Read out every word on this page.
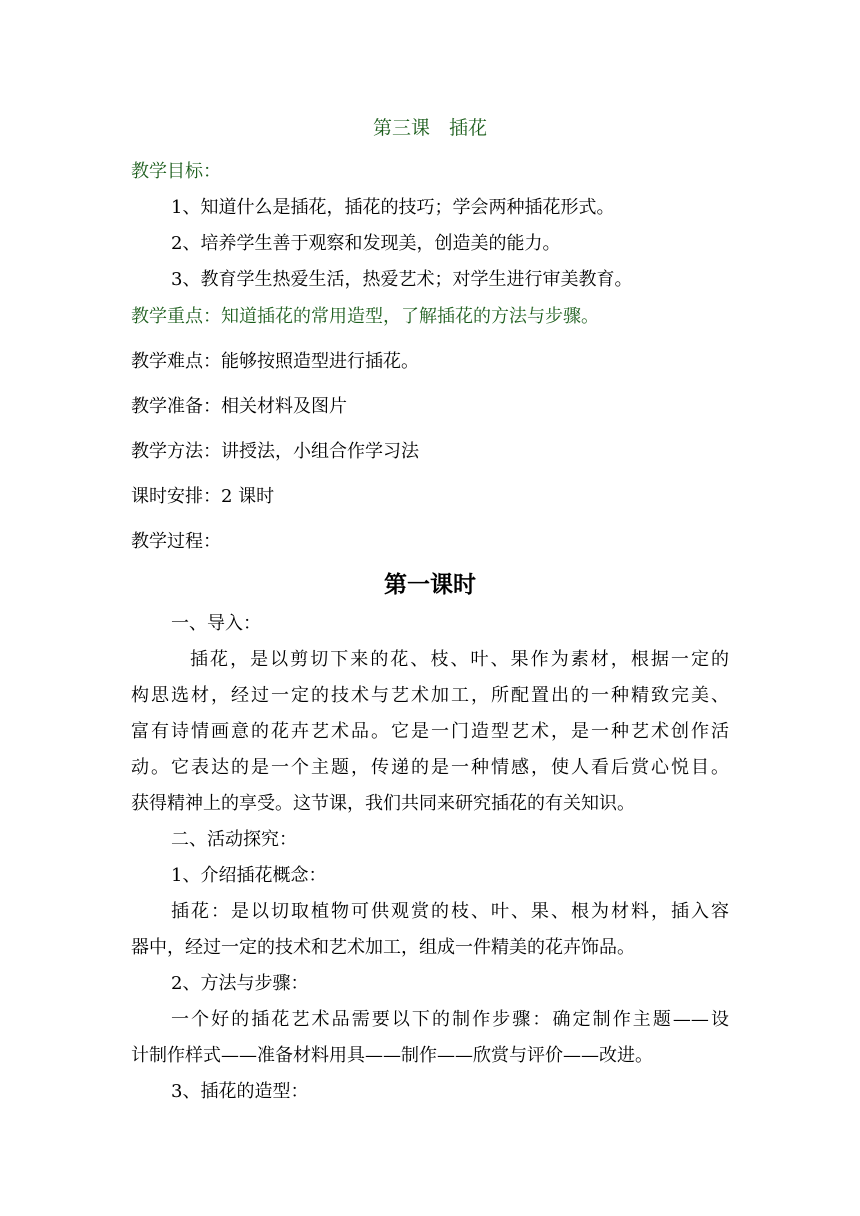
第三课　插花

教学目标：

1、知道什么是插花，插花的技巧；学会两种插花形式。

2、培养学生善于观察和发现美，创造美的能力。

3、教育学生热爱生活，热爱艺术；对学生进行审美教育。

教学重点：知道插花的常用造型，了解插花的方法与步骤。

教学难点：能够按照造型进行插花。

教学准备：相关材料及图片

教学方法：讲授法，小组合作学习法

课时安排：2 课时

教学过程：

第一课时

一、导入：

插花，是以剪切下来的花、枝、叶、果作为素材，根据一定的

构思选材，经过一定的技术与艺术加工，所配置出的一种精致完美、

富有诗情画意的花卉艺术品。它是一门造型艺术，是一种艺术创作活

动。它表达的是一个主题，传递的是一种情感，使人看后赏心悦目。

获得精神上的享受。这节课，我们共同来研究插花的有关知识。

二、活动探究：

1、介绍插花概念：

插花：是以切取植物可供观赏的枝、叶、果、根为材料，插入容

器中，经过一定的技术和艺术加工，组成一件精美的花卉饰品。

2、方法与步骤：

一个好的插花艺术品需要以下的制作步骤：确定制作主题——设

计制作样式——准备材料用具——制作——欣赏与评价——改进。

3、插花的造型：
